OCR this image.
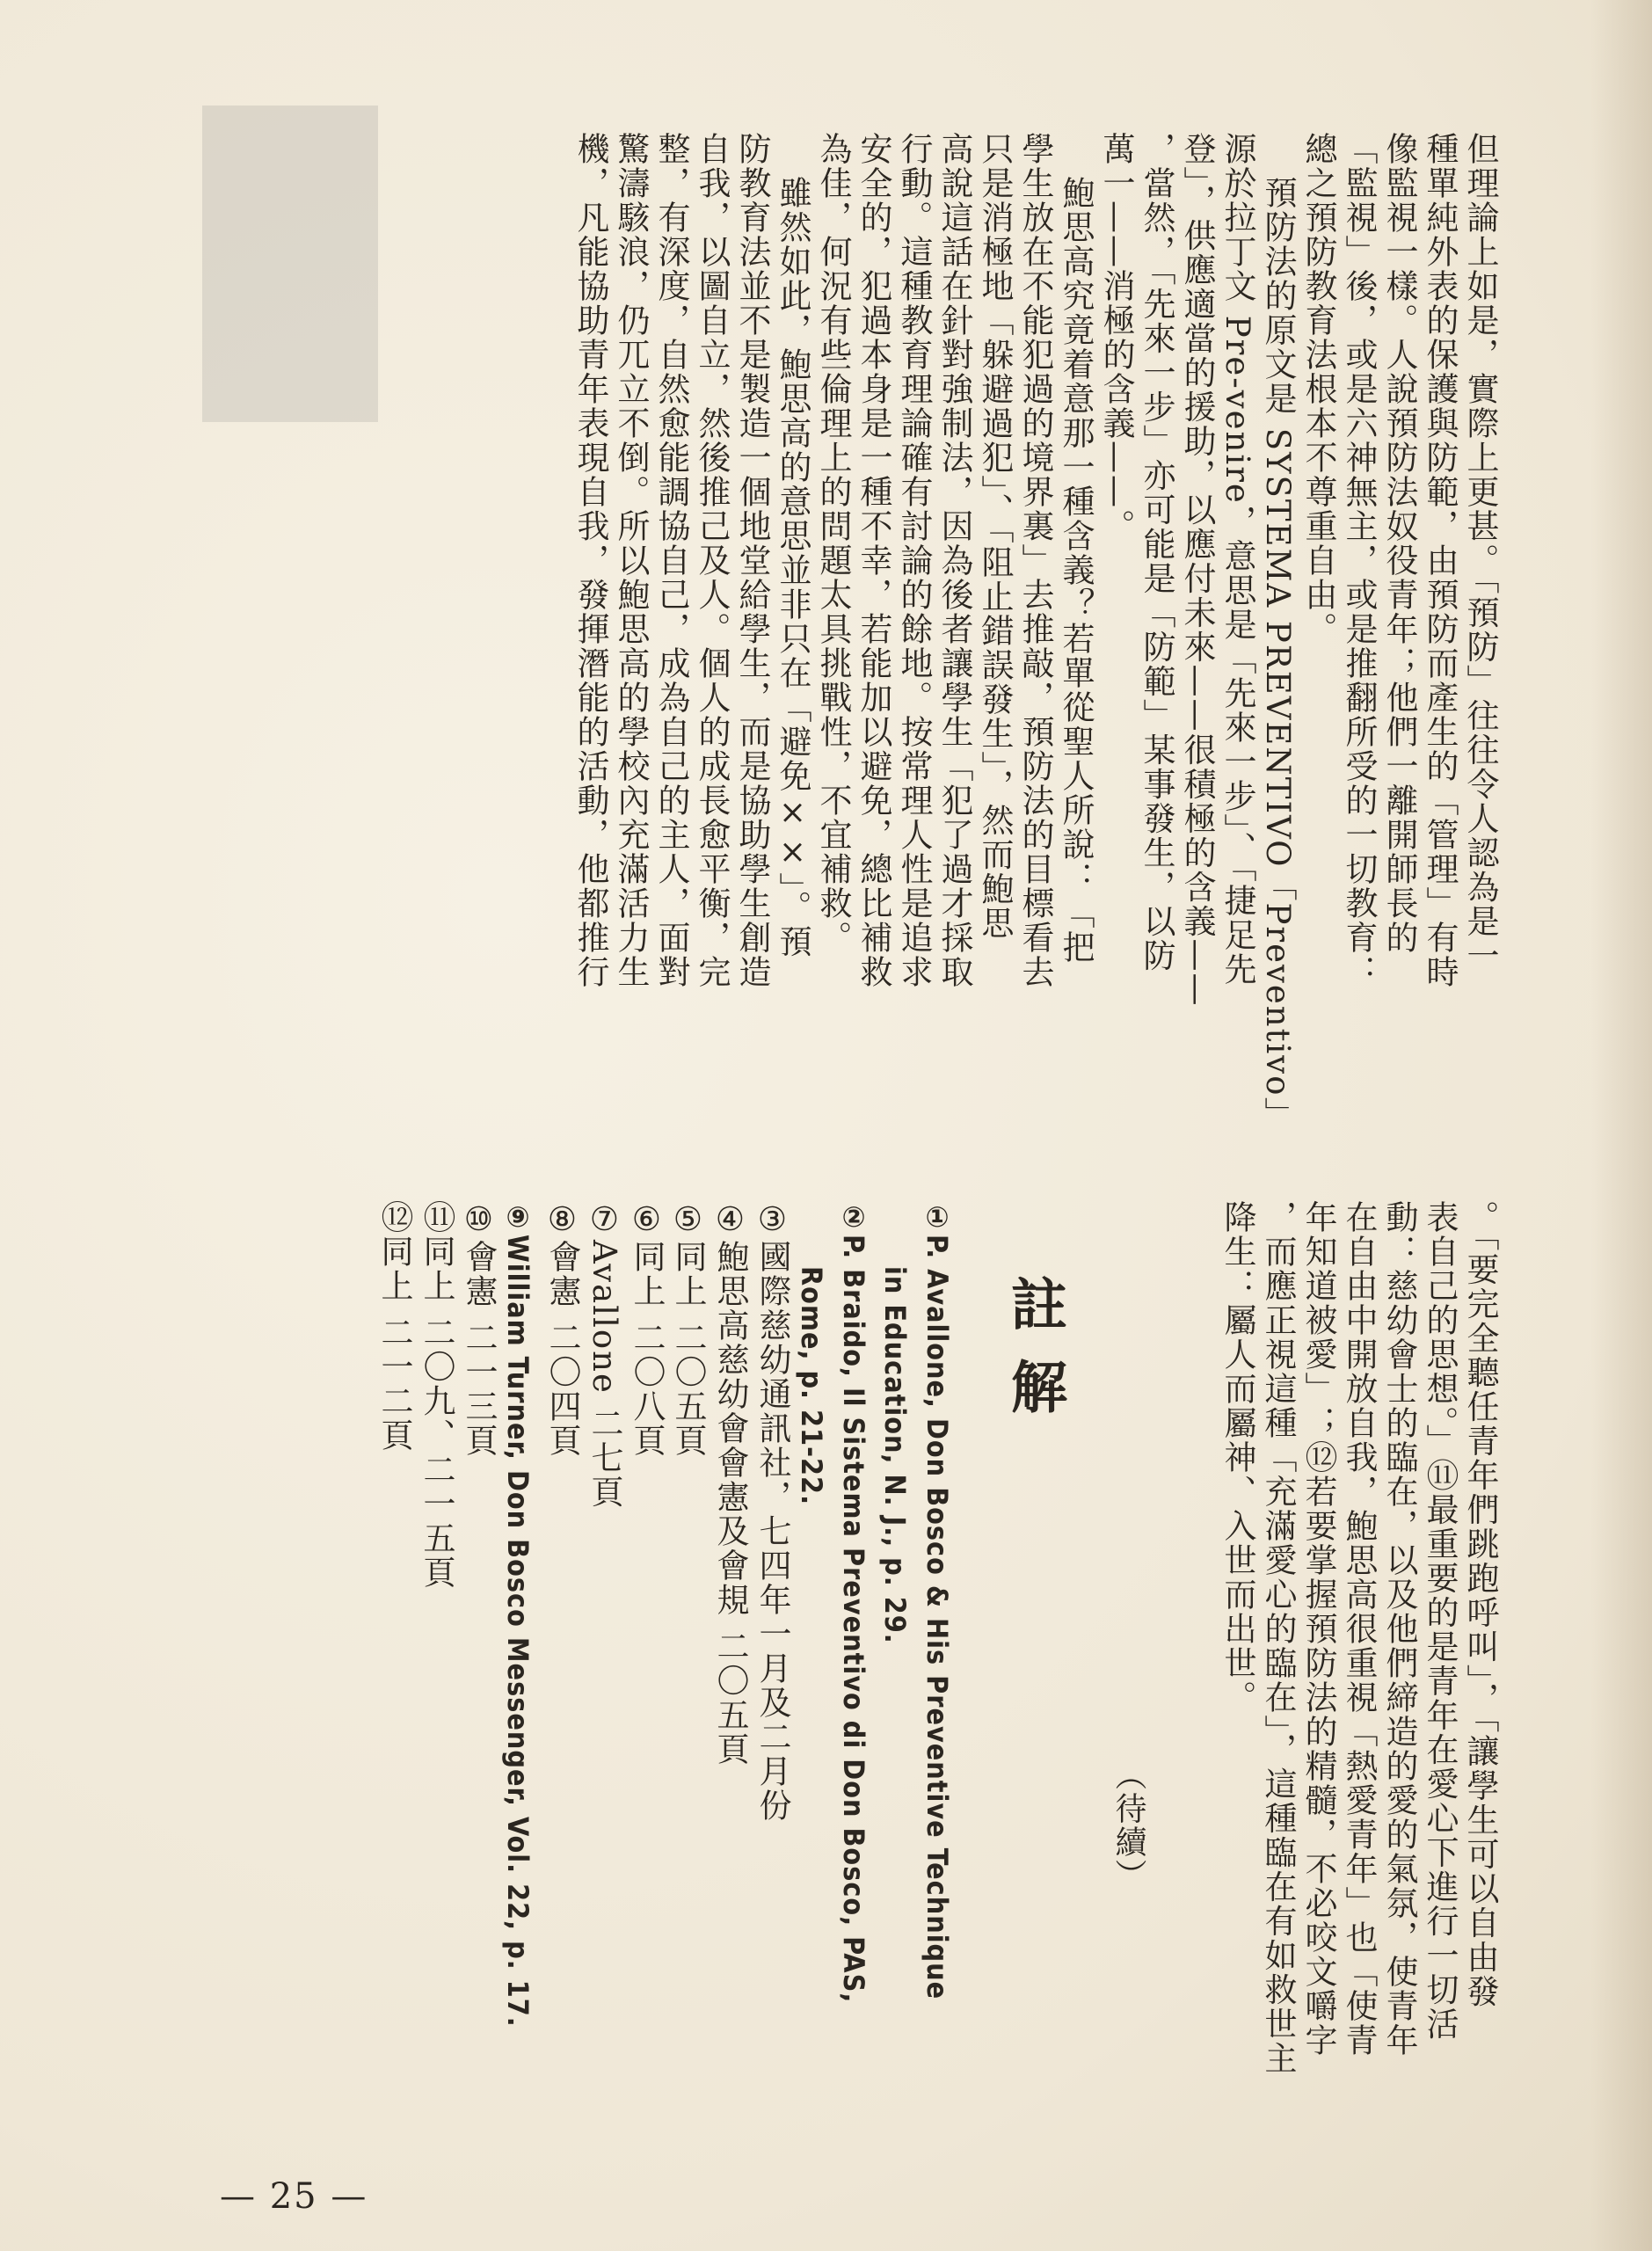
但理論上如是，實際上更甚。「預防」往往令人認為是一
種單純外表的保護與防範，由預防而產生的「管理」有時
像監視一樣。人說預防法奴役青年；他們一離開師長的
「監視」後，或是六神無主，或是推翻所受的一切教育：
總之預防教育法根本不尊重自由。
預防法的原文是 SYSTEMA PREVENTIVO「Preventivo」
源於拉丁文 Pre-venire，意思是「先來一步」、「捷足先
登」，供應適當的援助，以應付未來——很積極的含義——
，當然，「先來一步」亦可能是「防範」某事發生，以防
萬一——消極的含義——。
鮑思高究竟着意那一種含義？若單從聖人所說：「把
學生放在不能犯過的境界裏」去推敲，預防法的目標看去
只是消極地「躲避過犯」、「阻止錯誤發生」，然而鮑思
高說這話在針對強制法，因為後者讓學生「犯了過才採取
行動。這種教育理論確有討論的餘地。按常理人性是追求
安全的，犯過本身是一種不幸，若能加以避免，總比補救
為佳，何況有些倫理上的問題太具挑戰性，不宜補救。
雖然如此，鮑思高的意思並非只在「避免××」。預
防教育法並不是製造一個地堂給學生，而是協助學生創造
自我，以圖自立，然後推己及人。個人的成長愈平衡，完
整，有深度，自然愈能調協自己，成為自己的主人，面對
驚濤駭浪，仍兀立不倒。所以鮑思高的學校內充滿活力生
機，凡能協助青年表現自我，發揮潛能的活動，他都推行
。「要完全聽任青年們跳跑呼叫」，「讓學生可以自由發
表自己的思想。」⑪最重要的是青年在愛心下進行一切活
動：慈幼會士的臨在，以及他們締造的愛的氣氛，使青年
在自由中開放自我，鮑思高很重視「熱愛青年」也「使青
年知道被愛」；⑫若要掌握預防法的精髓，不必咬文嚼字
，而應正視這種「充滿愛心的臨在」，這種臨在有如救世主
降生：屬人而屬神、入世而出世。
（待續）
註解
①P. Avallone, Don Bosco & His Preventive Technique
in Education, N. J., p. 29.
②P. Braido, Il Sistema Preventivo di Don Bosco, PAS,
Rome, p. 21-22.
③國際慈幼通訊社，七四年一月及二月份
④鮑思高慈幼會會憲及會規 二〇五頁
⑤同上 二〇五頁
⑥同上 二〇八頁
⑦Avallone 二七頁
⑧會憲 二〇四頁
⑨William Turner, Don Bosco Messenger, Vol. 22, p. 17.
⑩會憲 二一三頁
⑪同上 二〇九、二一五頁
⑫同上 二一二頁
— 25 —
